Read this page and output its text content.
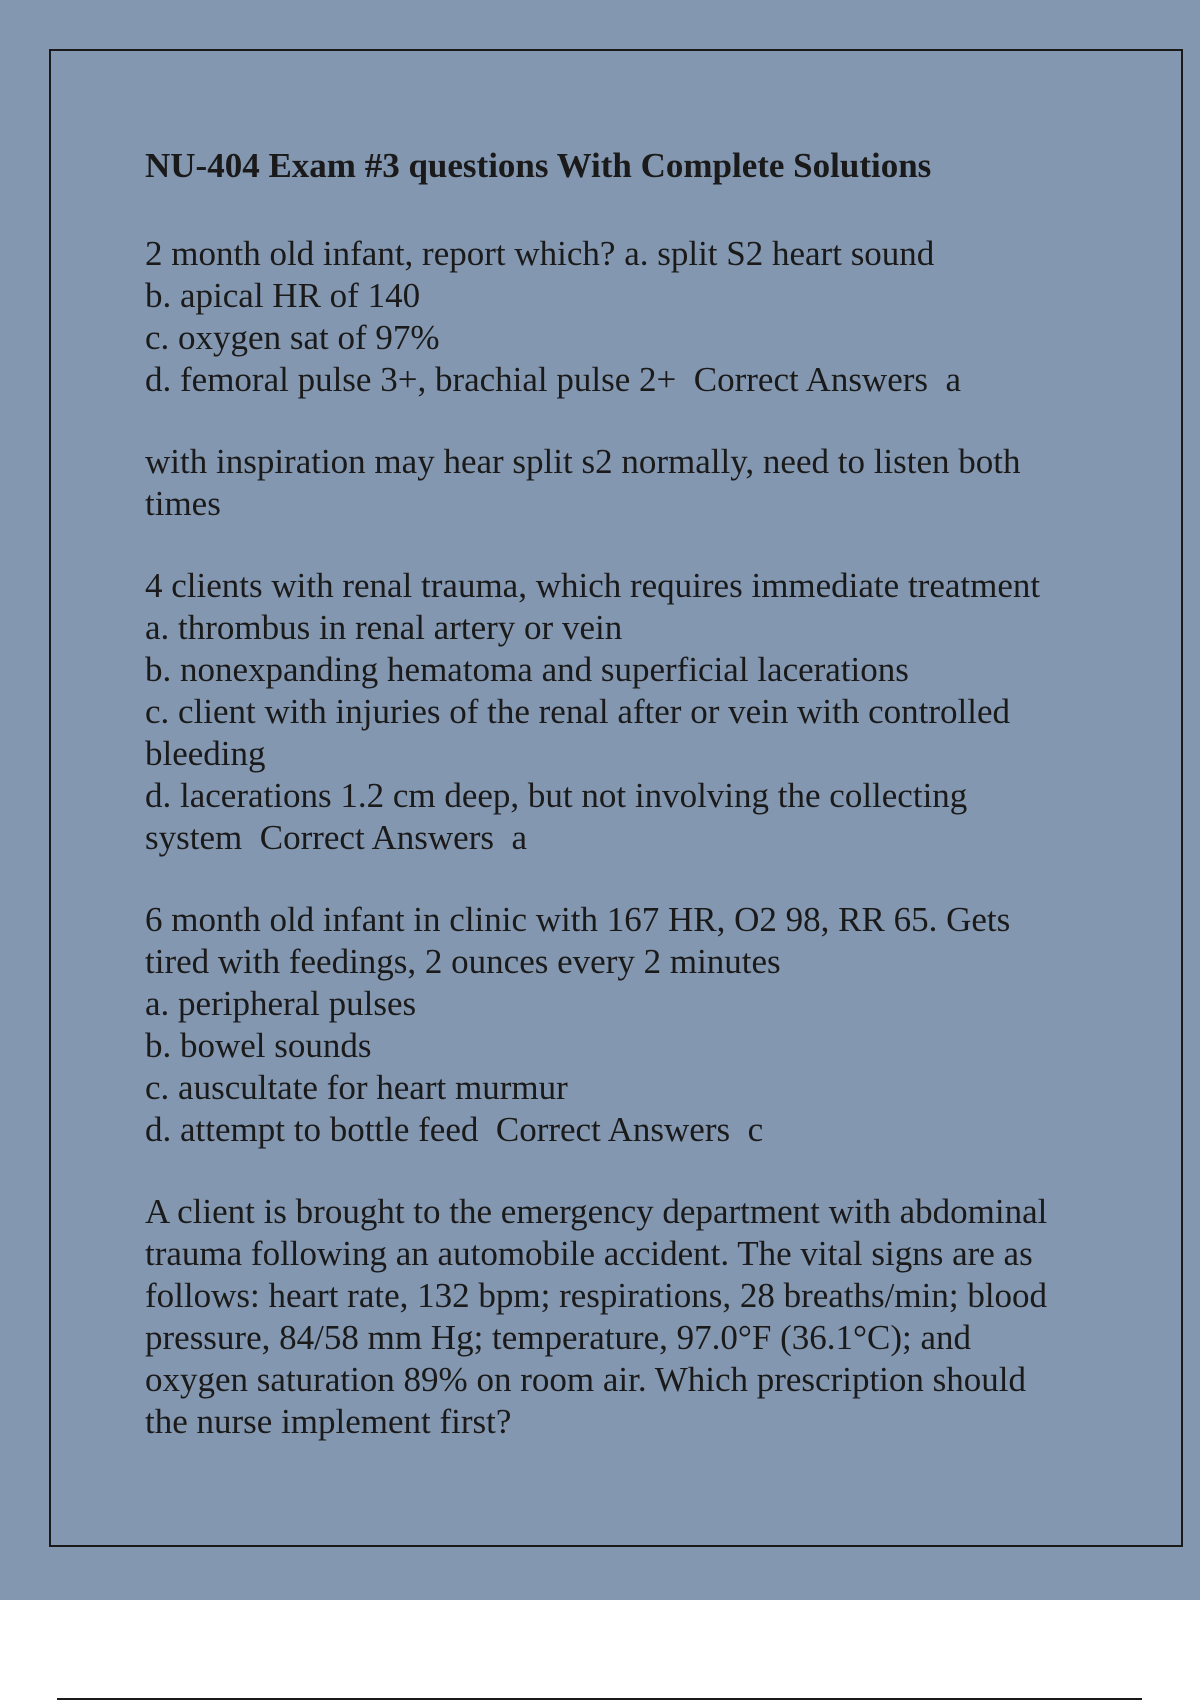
NU-404 Exam #3 questions With Complete Solutions
2 month old infant, report which? a. split S2 heart sound
b. apical HR of 140
c. oxygen sat of 97%
d. femoral pulse 3+, brachial pulse 2+  Correct Answers  a
with inspiration may hear split s2 normally, need to listen both
times
4 clients with renal trauma, which requires immediate treatment
a. thrombus in renal artery or vein
b. nonexpanding hematoma and superficial lacerations
c. client with injuries of the renal after or vein with controlled
bleeding
d. lacerations 1.2 cm deep, but not involving the collecting
system  Correct Answers  a
6 month old infant in clinic with 167 HR, O2 98, RR 65. Gets
tired with feedings, 2 ounces every 2 minutes
a. peripheral pulses
b. bowel sounds
c. auscultate for heart murmur
d. attempt to bottle feed  Correct Answers  c
A client is brought to the emergency department with abdominal
trauma following an automobile accident. The vital signs are as
follows: heart rate, 132 bpm; respirations, 28 breaths/min; blood
pressure, 84/58 mm Hg; temperature, 97.0°F (36.1°C); and
oxygen saturation 89% on room air. Which prescription should
the nurse implement first?
